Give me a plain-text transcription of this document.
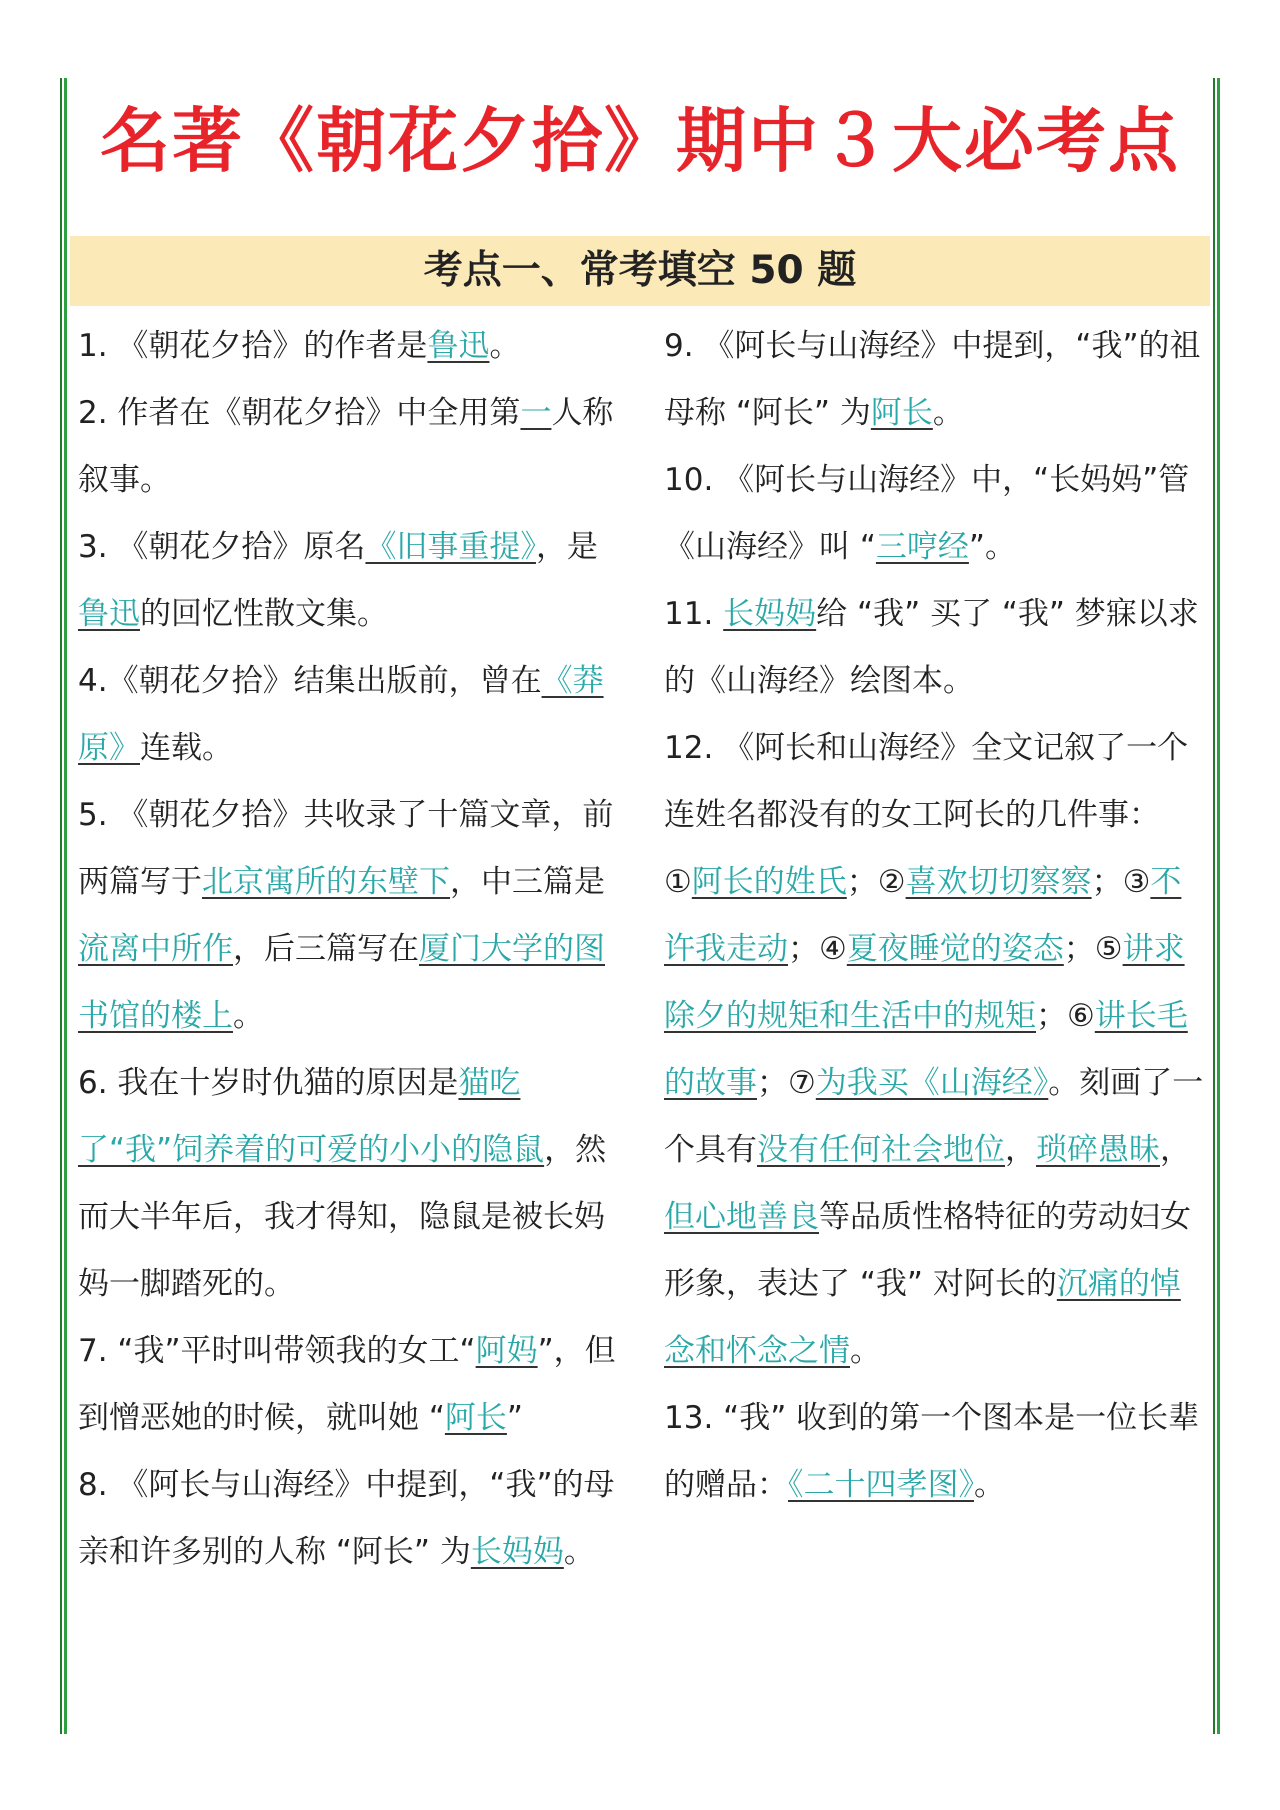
名著《朝花夕拾》期中３大必考点
考点一、常考填空 50 题

1. 《朝花夕拾》的作者是鲁迅。

2. 作者在《朝花夕拾》中全用第一人称叙事。

3. 《朝花夕拾》原名《旧事重提》，是鲁迅的回忆性散文集。

4.《朝花夕拾》结集出版前，曾在《莽原》连载。

5. 《朝花夕拾》共收录了十篇文章，前两篇写于北京寓所的东壁下，中三篇是流离中所作，后三篇写在厦门大学的图书馆的楼上。

6. 我在十岁时仇猫的原因是猫吃了“我”饲养着的可爱的小小的隐鼠，然而大半年后，我才得知，隐鼠是被长妈妈一脚踏死的。

7. “我”平时叫带领我的女工“阿妈”，但到憎恶她的时候，就叫她 “阿长”

8. 《阿长与山海经》中提到，“我”的母亲和许多别的人称 “阿长” 为长妈妈。

9. 《阿长与山海经》中提到，“我”的祖母称 “阿长” 为阿长。

10. 《阿长与山海经》中，“长妈妈”管《山海经》叫 “三哼经”。

11. 长妈妈给 “我” 买了 “我” 梦寐以求的《山海经》绘图本。

12. 《阿长和山海经》全文记叙了一个连姓名都没有的女工阿长的几件事：
①阿长的姓氏；②喜欢切切察察；③不许我走动；④夏夜睡觉的姿态；⑤讲求除夕的规矩和生活中的规矩；⑥讲长毛的故事；⑦为我买《山海经》。刻画了一个具有没有任何社会地位，琐碎愚昧，但心地善良等品质性格特征的劳动妇女形象，表达了 “我” 对阿长的沉痛的悼念和怀念之情。

13. “我” 收到的第一个图本是一位长辈的赠品：《二十四孝图》。
